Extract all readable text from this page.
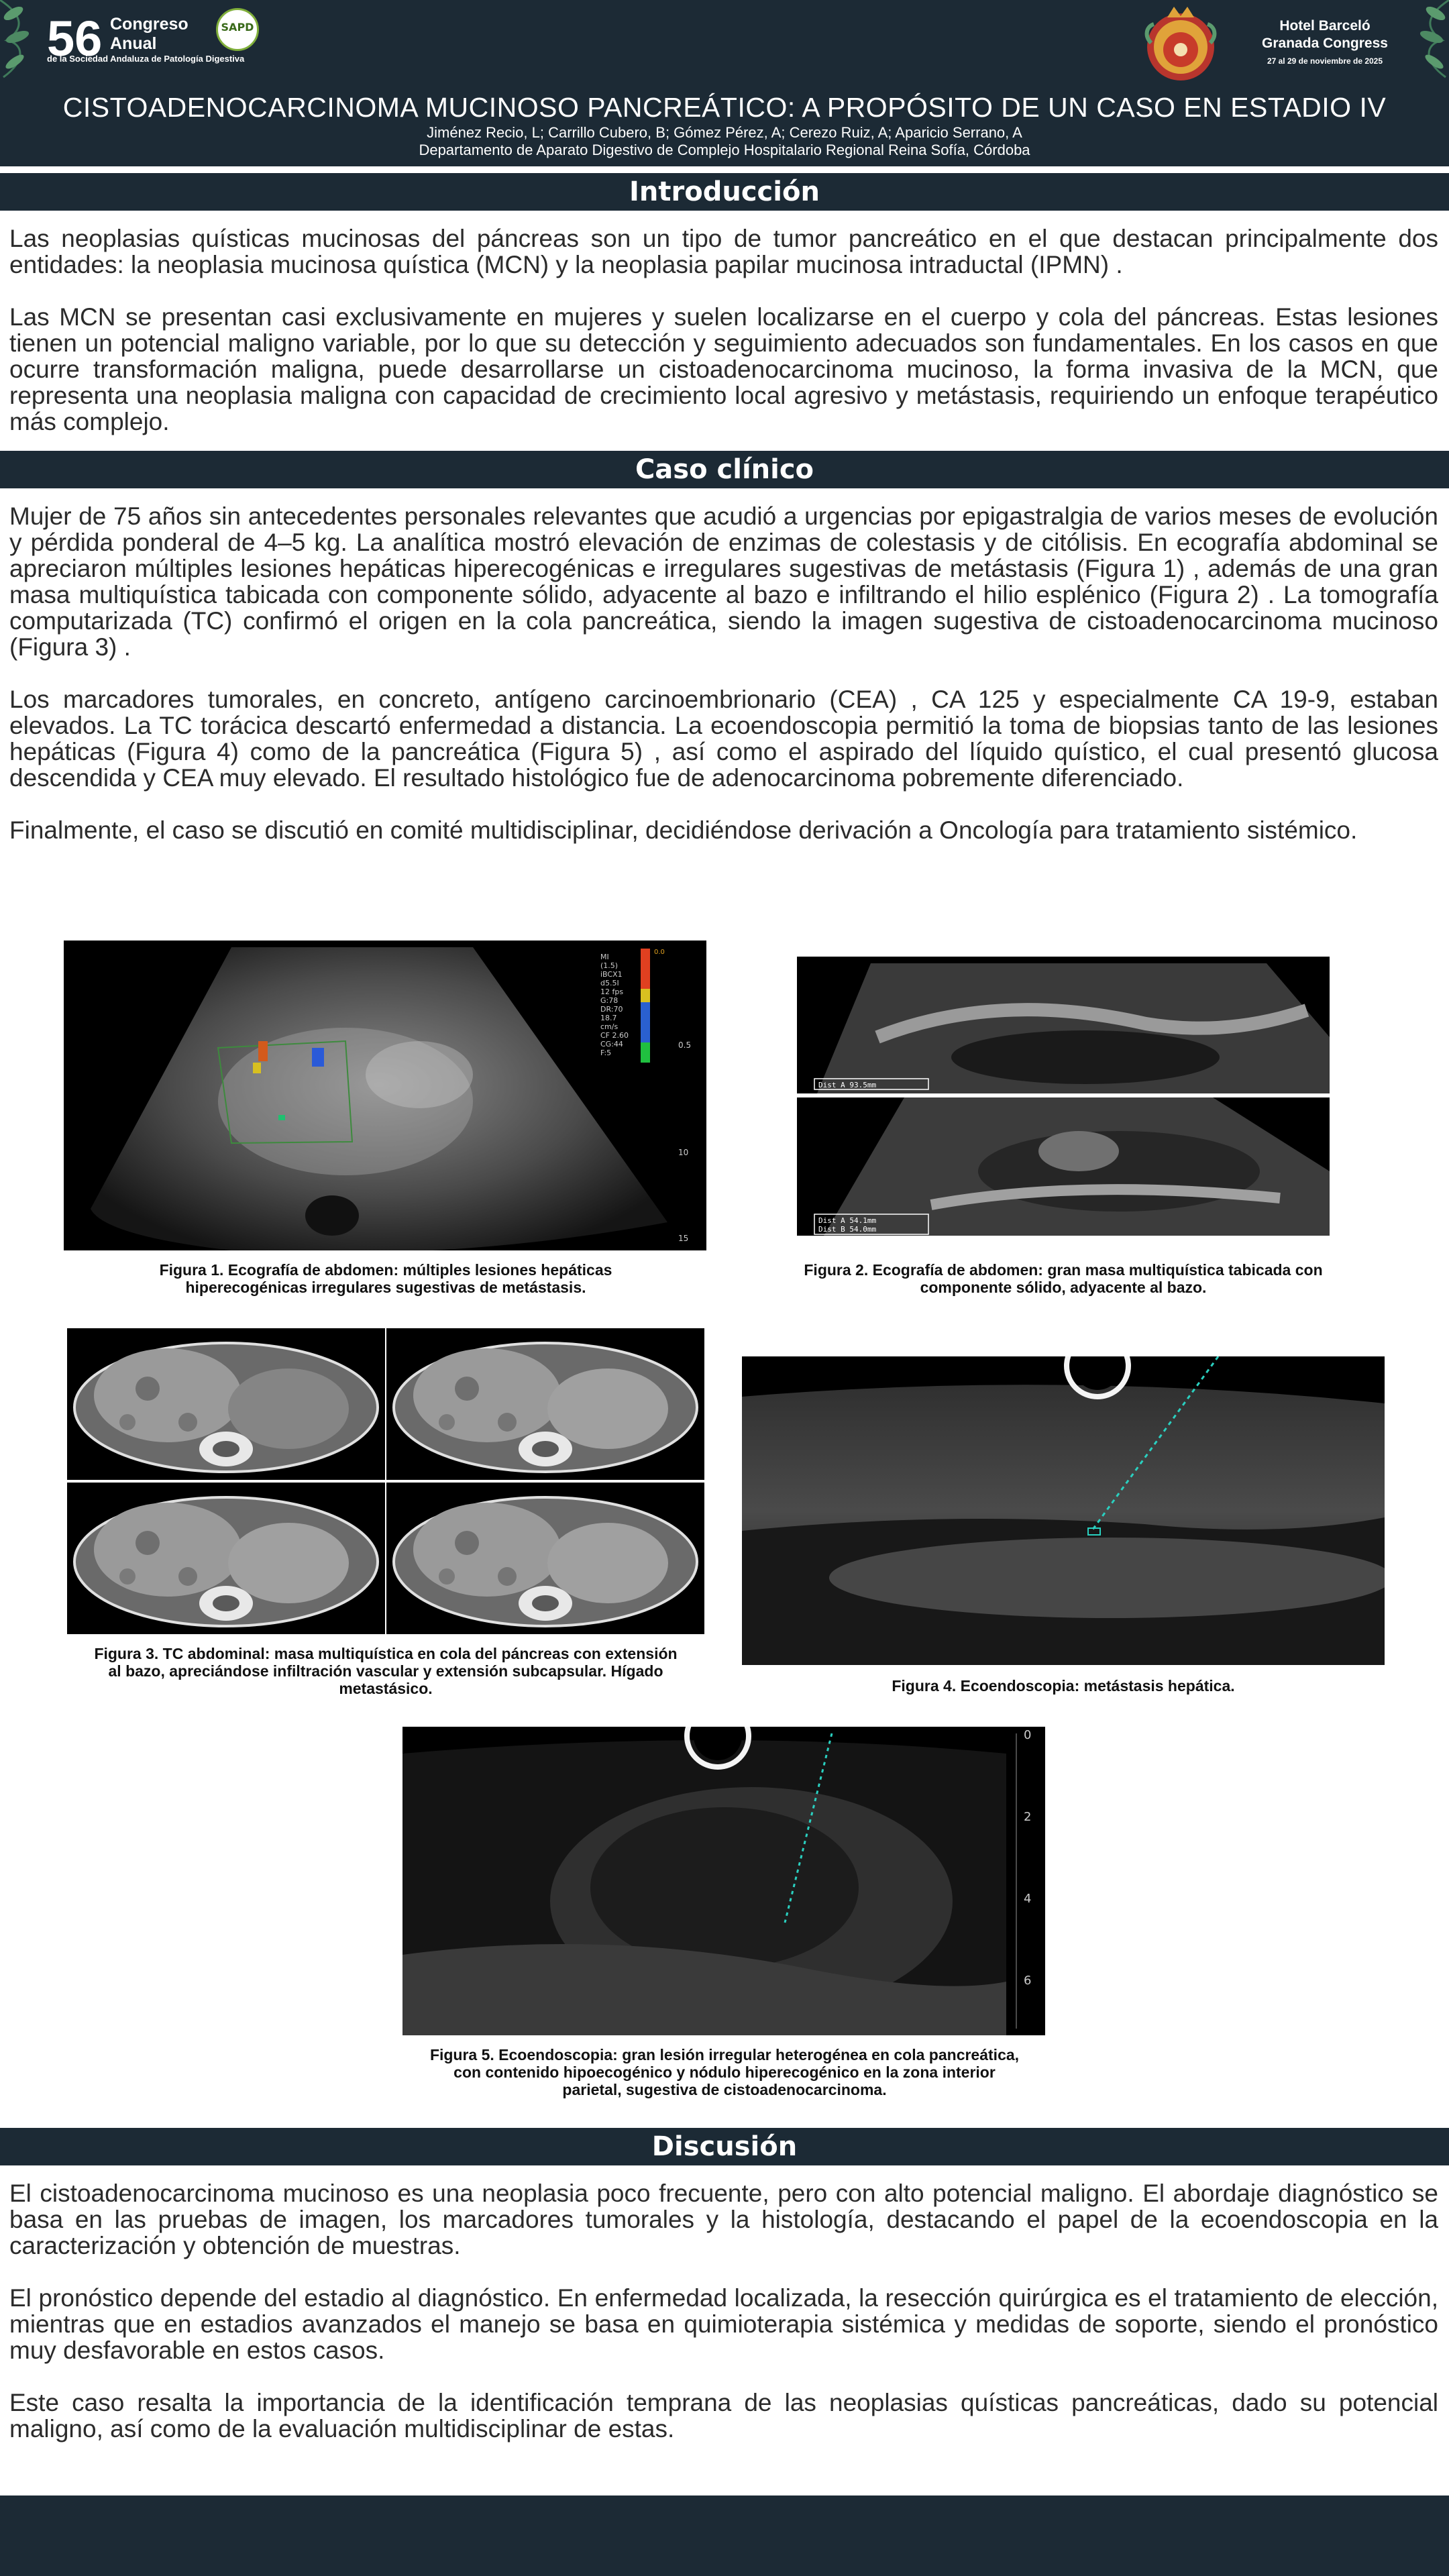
56 Congreso
Anual
de la Sociedad Andaluza de Patología Digestiva
SAPD	Hotel Barceló
Granada Congress
27 al 29 de noviembre de 2025
CISTOADENOCARCINOMA MUCINOSO PANCREÁTICO: A PROPÓSITO DE UN CASO EN ESTADIO IV
Jiménez Recio, L; Carrillo Cubero, B; Gómez Pérez, A; Cerezo Ruiz, A; Aparicio Serrano, A
Departamento de Aparato Digestivo de Complejo Hospitalario Regional Reina Sofía, Córdoba
Introducción

Las neoplasias quísticas mucinosas del páncreas son un tipo de tumor pancreático en el que destacan principalmente dos entidades: la neoplasia mucinosa quística (MCN) y la neoplasia papilar mucinosa intraductal (IPMN) .

Las MCN se presentan casi exclusivamente en mujeres y suelen localizarse en el cuerpo y cola del páncreas. Estas lesiones tienen un potencial maligno variable, por lo que su detección y seguimiento adecuados son fundamentales. En los casos en que ocurre transformación maligna, puede desarrollarse un cistoadenocarcinoma mucinoso, la forma invasiva de la MCN, que representa una neoplasia maligna con capacidad de crecimiento local agresivo y metástasis, requiriendo un enfoque terapéutico más complejo.

Caso clínico

Mujer de 75 años sin antecedentes personales relevantes que acudió a urgencias por epigastralgia de varios meses de evolución y pérdida ponderal de 4–5 kg. La analítica mostró elevación de enzimas de colestasis y de citólisis. En ecografía abdominal se apreciaron múltiples lesiones hepáticas hiperecogénicas e irregulares sugestivas de metástasis (Figura 1) , además de una gran masa multiquística tabicada con componente sólido, adyacente al bazo e infiltrando el hilio esplénico (Figura 2) . La tomografía computarizada (TC) confirmó el origen en la cola pancreática, siendo la imagen sugestiva de cistoadenocarcinoma mucinoso (Figura 3) .

Los marcadores tumorales, en concreto, antígeno carcinoembrionario (CEA) , CA 125 y especialmente CA 19-9, estaban elevados. La TC torácica descartó enfermedad a distancia. La ecoendoscopia permitió la toma de biopsias tanto de las lesiones hepáticas (Figura 4) como de la pancreática (Figura 5) , así como el aspirado del líquido quístico, el cual presentó glucosa descendida y CEA muy elevado. El resultado histológico fue de adenocarcinoma pobremente diferenciado.

Finalmente, el caso se discutió en comité multidisciplinar, decidiéndose derivación a Oncología para tratamiento sistémico.

0.0
MI
(1.5)
iBCX1
d5.5I
12 fps
G:78
DR:70
18.7
cm/s
CF 2.60
CG:44
F:5
0.5
10
15
Figura 1. Ecografía de abdomen: múltiples lesiones hepáticas hiperecogénicas irregulares sugestivas de metástasis.
Dist A 93.5mm
Dist A 54.1mm
Dist B 54.0mm
Figura 2. Ecografía de abdomen: gran masa multiquística tabicada con componente sólido, adyacente al bazo.
Figura 3. TC abdominal: masa multiquística en cola del páncreas con extensión al bazo, apreciándose infiltración vascular y extensión subcapsular. Hígado metastásico.	Figura 4. Ecoendoscopia: metástasis hepática.
0
2
4
6
Figura 5. Ecoendoscopia: gran lesión irregular heterogénea en cola pancreática, con contenido hipoecogénico y nódulo hiperecogénico en la zona interior parietal, sugestiva de cistoadenocarcinoma.
Discusión

El cistoadenocarcinoma mucinoso es una neoplasia poco frecuente, pero con alto potencial maligno. El abordaje diagnóstico se basa en las pruebas de imagen, los marcadores tumorales y la histología, destacando el papel de la ecoendoscopia en la caracterización y obtención de muestras.

El pronóstico depende del estadio al diagnóstico. En enfermedad localizada, la resección quirúrgica es el tratamiento de elección, mientras que en estadios avanzados el manejo se basa en quimioterapia sistémica y medidas de soporte, siendo el pronóstico muy desfavorable en estos casos.

Este caso resalta la importancia de la identificación temprana de las neoplasias quísticas pancreáticas, dado su potencial maligno, así como de la evaluación multidisciplinar de estas.
